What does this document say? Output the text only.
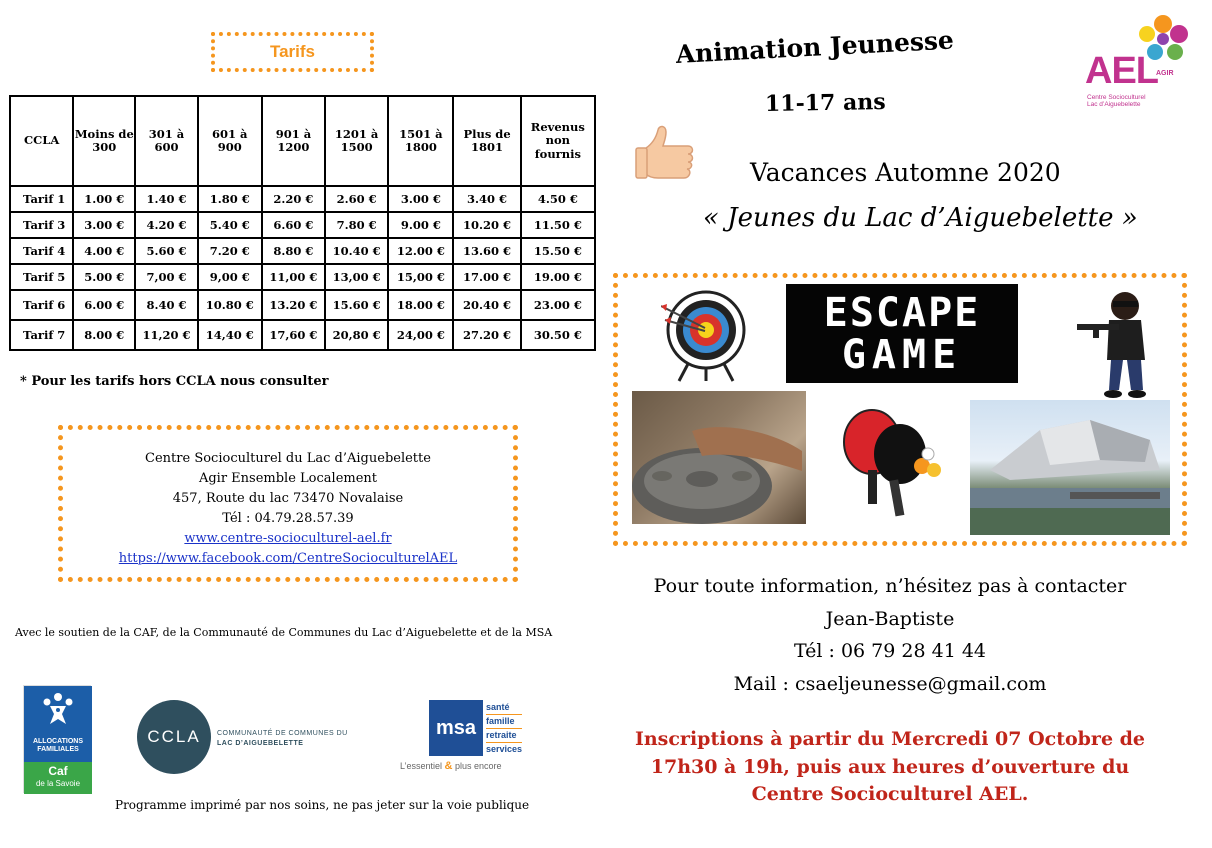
Tarifs
CCLA	Moins de 300	301 à 600	601 à 900	901 à 1200	1201 à 1500	1501 à 1800	Plus de 1801	Revenus non fournis
Tarif 1	1.00 €	1.40 €	1.80 €	2.20 €	2.60 €	3.00 €	3.40 €	4.50 €
Tarif 3	3.00 €	4.20 €	5.40 €	6.60 €	7.80 €	9.00 €	10.20 €	11.50 €
Tarif 4	4.00 €	5.60 €	7.20 €	8.80 €	10.40 €	12.00 €	13.60 €	15.50 €
Tarif 5	5.00 €	7,00 €	9,00 €	11,00 €	13,00 €	15,00 €	17.00 €	19.00 €
Tarif 6	6.00 €	8.40 €	10.80 €	13.20 €	15.60 €	18.00 €	20.40 €	23.00 €
Tarif 7	8.00 €	11,20 €	14,40 €	17,60 €	20,80 €	24,00 €	27.20 €	30.50 €
* Pour les tarifs hors CCLA nous consulter
Centre Socioculturel du Lac d’Aiguebelette
Agir Ensemble Localement
457, Route du lac 73470 Novalaise
Tél : 04.79.28.57.39
www.centre-socioculturel-ael.fr
https://www.facebook.com/CentreSocioculturelAEL
Avec le soutien de la CAF, de la Communauté de Communes du Lac d’Aiguebelette et de la MSA
ALLOCATIONS FAMILIALES
Caf
de la Savoie
CCLA COMMUNAUTÉ DE COMMUNES DU
LAC D’AIGUEBELETTE
msa
santé
famille
retraite
services
L’essentiel & plus encore
Programme imprimé par nos soins, ne pas jeter sur la voie publique
Animation Jeunesse
11-17 ans
Vacances Automne 2020
« Jeunes du Lac d’Aiguebelette »
AEL
AGIR
Centre Socioculturel
Lac d’Aiguebelette
ESCAPE
GAME
Pour toute information, n’hésitez pas à contacter
Jean-Baptiste
Tél : 06 79 28 41 44
Mail : csaeljeunesse@gmail.com
Inscriptions à partir du Mercredi 07 Octobre de
17h30 à 19h, puis aux heures d’ouverture du
Centre Socioculturel AEL.
